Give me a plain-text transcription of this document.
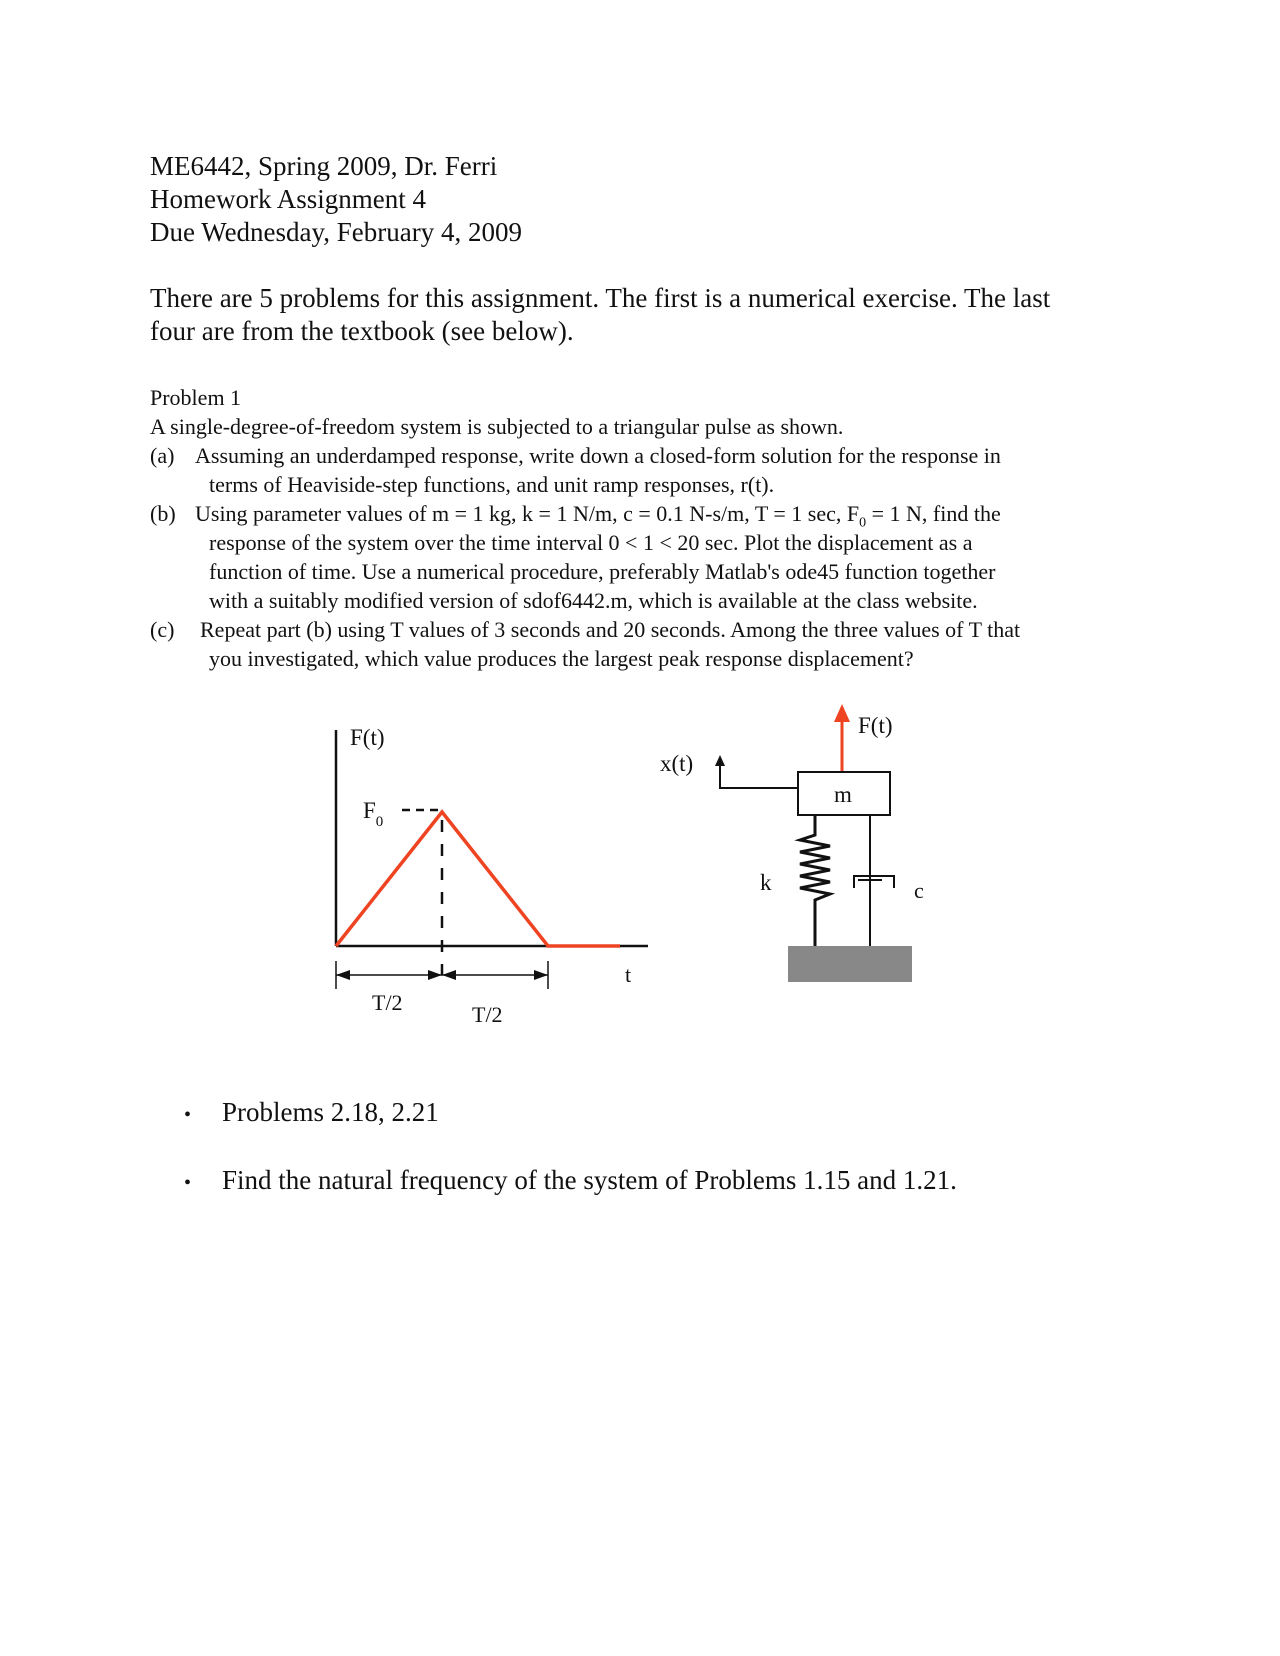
ME6442, Spring 2009, Dr. Ferri
Homework Assignment 4
Due Wednesday, February 4, 2009
There are 5 problems for this assignment. The first is a numerical exercise. The last
four are from the textbook (see below).
Problem 1
A single-degree-of-freedom system is subjected to a triangular pulse as shown.
(a) Assuming an underdamped response, write down a closed-form solution for the response in
terms of Heaviside-step functions, and unit ramp responses, r(t).
(b) Using parameter values of m = 1 kg, k = 1 N/m, c = 0.1 N-s/m, T = 1 sec, $F_0 = 1$ N, find the
response of the system over the time interval 0 < 1 < 20 sec. Plot the displacement as a
function of time. Use a numerical procedure, preferably Matlab's ode45 function together
with a suitably modified version of sdof6442.m, which is available at the class website.
(c) Repeat part (b) using T values of 3 seconds and 20 seconds. Among the three values of T that
you investigated, which value produces the largest peak response displacement?
F(t)
$F_0$
t
T/2	T/2
F(t)
x(t)
m
k	c
• Problems 2.18, 2.21
• Find the natural frequency of the system of Problems 1.15 and 1.21.
